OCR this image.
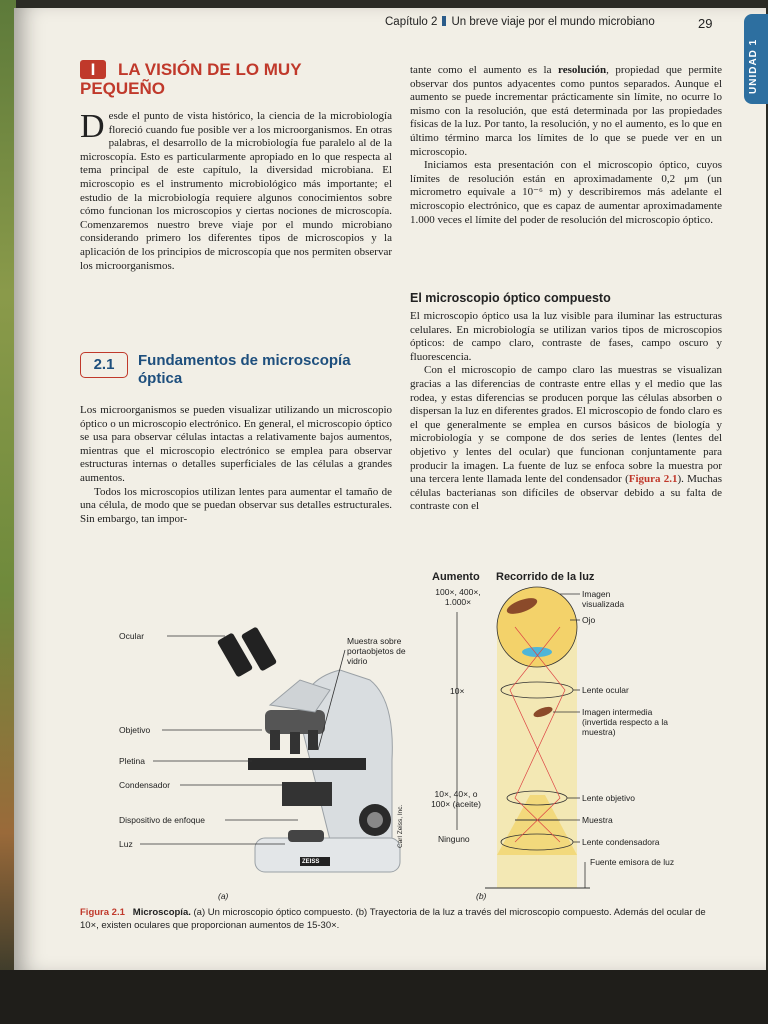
Capítulo 2 Un breve viaje por el mundo microbiano	29
UNIDAD 1
I LA VISIÓN DE LO MUY PEQUEÑO

Desde el punto de vista histórico, la ciencia de la microbiología floreció cuando fue posible ver a los microorganismos. En otras palabras, el desarrollo de la microbiología fue paralelo al de la microscopía. Esto es particularmente apropiado en lo que respecta al tema principal de este capítulo, la diversidad microbiana. El microscopio es el instrumento microbiológico más importante; el estudio de la microbiología requiere algunos conocimientos sobre cómo funcionan los microscopios y ciertas nociones de microscopía. Comenzaremos nuestro breve viaje por el mundo microbiano considerando primero los diferentes tipos de microscopios y la aplicación de los principios de microscopía que nos permiten observar los microorganismos.

2.1	Fundamentos de microscopía óptica

Los microorganismos se pueden visualizar utilizando un microscopio óptico o un microscopio electrónico. En general, el microscopio óptico se usa para observar células intactas a relativamente bajos aumentos, mientras que el microscopio electrónico se emplea para observar estructuras internas o detalles superficiales de las células a grandes aumentos.

Todos los microscopios utilizan lentes para aumentar el tamaño de una célula, de modo que se puedan observar sus detalles estructurales. Sin embargo, tan impor-

tante como el aumento es la resolución, propiedad que permite observar dos puntos adyacentes como puntos separados. Aunque el aumento se puede incrementar prácticamente sin límite, no ocurre lo mismo con la resolución, que está determinada por las propiedades físicas de la luz. Por tanto, la resolución, y no el aumento, es lo que en último término marca los límites de lo que se puede ver en un microscopio.

Iniciamos esta presentación con el microscopio óptico, cuyos límites de resolución están en aproximadamente 0,2 μm (un micrometro equivale a 10⁻⁶ m) y describiremos más adelante el microscopio electrónico, que es capaz de aumentar aproximadamente 1.000 veces el límite del poder de resolución del microscopio óptico.

El microscopio óptico compuesto

El microscopio óptico usa la luz visible para iluminar las estructuras celulares. En microbiología se utilizan varios tipos de microscopios ópticos: de campo claro, contraste de fases, campo oscuro y fluorescencia.

Con el microscopio de campo claro las muestras se visualizan gracias a las diferencias de contraste entre ellas y el medio que las rodea, y estas diferencias se producen porque las células absorben o dispersan la luz en diferentes grados. El microscopio de fondo claro es el que generalmente se emplea en cursos básicos de biología y microbiología y se compone de dos series de lentes (lentes del objetivo y lentes del ocular) que funcionan conjuntamente para producir la imagen. La fuente de luz se enfoca sobre la muestra por una tercera lente llamada lente del condensador (Figura 2.1). Muchas células bacterianas son difíciles de observar debido a su falta de contraste con el

Ocular
Objetivo
Pletina
Condensador
Dispositivo de enfoque
Luz
Muestra sobre portaobjetos de vidrio
Carl Zeiss, Inc.
ZEISS
(a)	(b)
Aumento Recorrido de la luz
100×, 400×, 1.000×
10×
10×, 40×, o 100× (aceite)
Ninguno
Imagen visualizada
Ojo
Lente ocular
Imagen intermedia (invertida respecto a la muestra)
Lente objetivo
Muestra
Lente condensadora
Fuente emisora de luz
Figura 2.1 Microscopía. (a) Un microscopio óptico compuesto. (b) Trayectoria de la luz a través del microscopio compuesto. Además del ocular de 10×, existen oculares que proporcionan aumentos de 15-30×.
